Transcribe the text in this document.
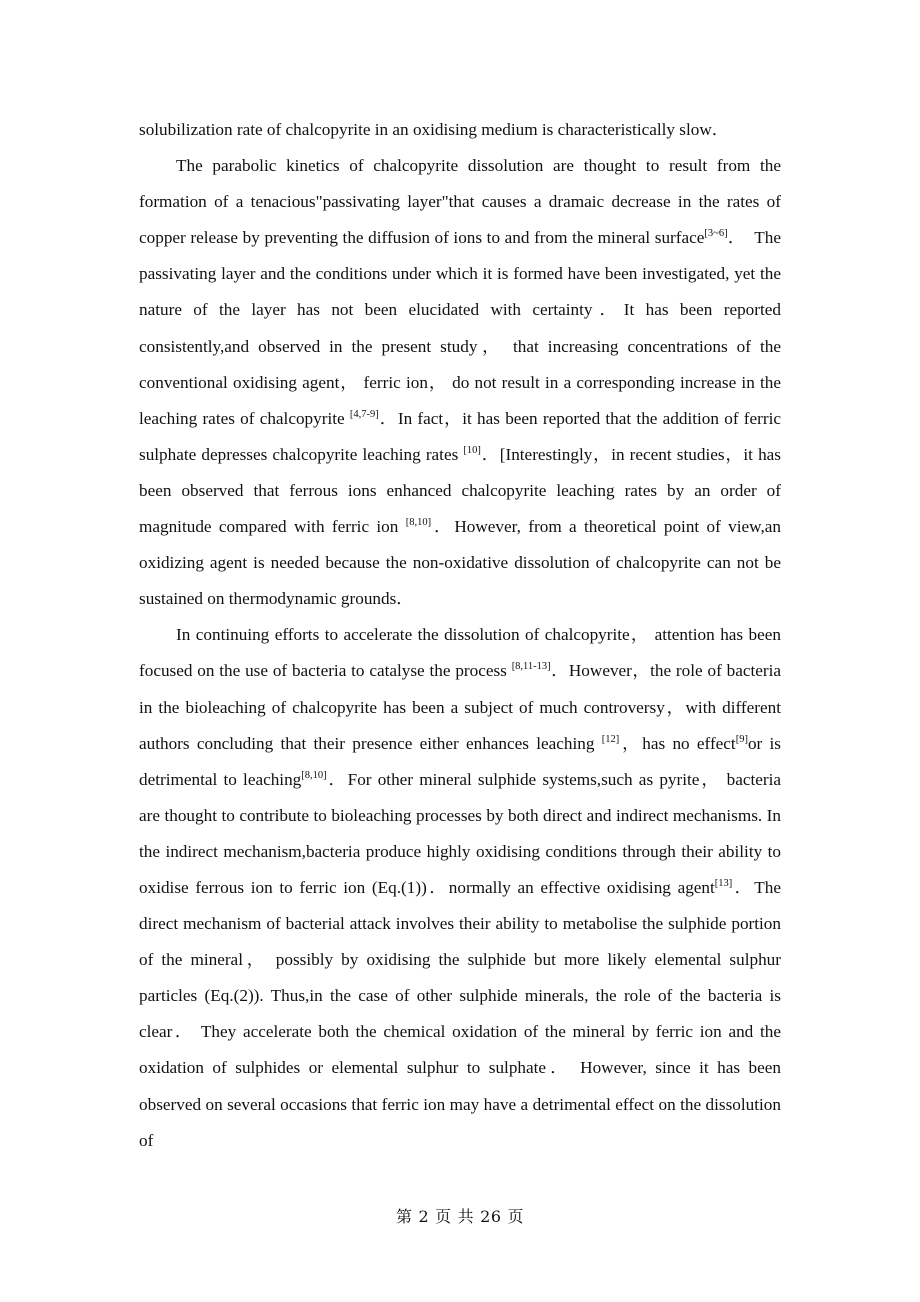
solubilization rate of chalcopyrite in an oxidising medium is characteristically slow．

The parabolic kinetics of chalcopyrite dissolution are thought to result from the formation of a tenacious"passivating layer"that causes a dramaic decrease in the rates of copper release by preventing the diffusion of ions to and from the mineral surface[3~6]．　The passivating layer and the conditions under which it is formed have been investigated, yet the nature of the layer has not been elucidated with certainty．It has been reported consistently,and observed in the present study， that increasing concentrations of the conventional oxidising agent， ferric ion， do not result in a corresponding increase in the leaching rates of chalcopyrite [4,7-9]．In fact，it has been reported that the addition of ferric sulphate depresses chalcopyrite leaching rates [10]．[Interestingly，in recent studies，it has been observed that ferrous ions enhanced chalcopyrite leaching rates by an order of magnitude compared with ferric ion [8,10]．However, from a theoretical point of view,an oxidizing agent is needed because the non-oxidative dissolution of chalcopyrite can not be sustained on thermodynamic grounds．

In continuing efforts to accelerate the dissolution of chalcopyrite， attention has been focused on the use of bacteria to catalyse the process [8,11-13]．However，the role of bacteria in the bioleaching of chalcopyrite has been a subject of much controversy，with different authors concluding that their presence either enhances leaching [12]，has no effect[9]or is detrimental to leaching[8,10]．For other mineral sulphide systems,such as pyrite， bacteria are thought to contribute to bioleaching processes by both direct and indirect mechanisms. In the indirect mechanism,bacteria produce highly oxidising conditions through their ability to oxidise ferrous ion to ferric ion (Eq.(1))．normally an effective oxidising agent[13]．The direct mechanism of bacterial attack involves their ability to metabolise the sulphide portion of the mineral， possibly by oxidising the sulphide but more likely elemental sulphur particles (Eq.(2)). Thus,in the case of other sulphide minerals, the role of the bacteria is clear． They accelerate both the chemical oxidation of the mineral by ferric ion and the oxidation of sulphides or elemental sulphur to sulphate． However, since it has been observed on several occasions that ferric ion may have a detrimental effect on the dissolution of

第 2 页 共 26 页
